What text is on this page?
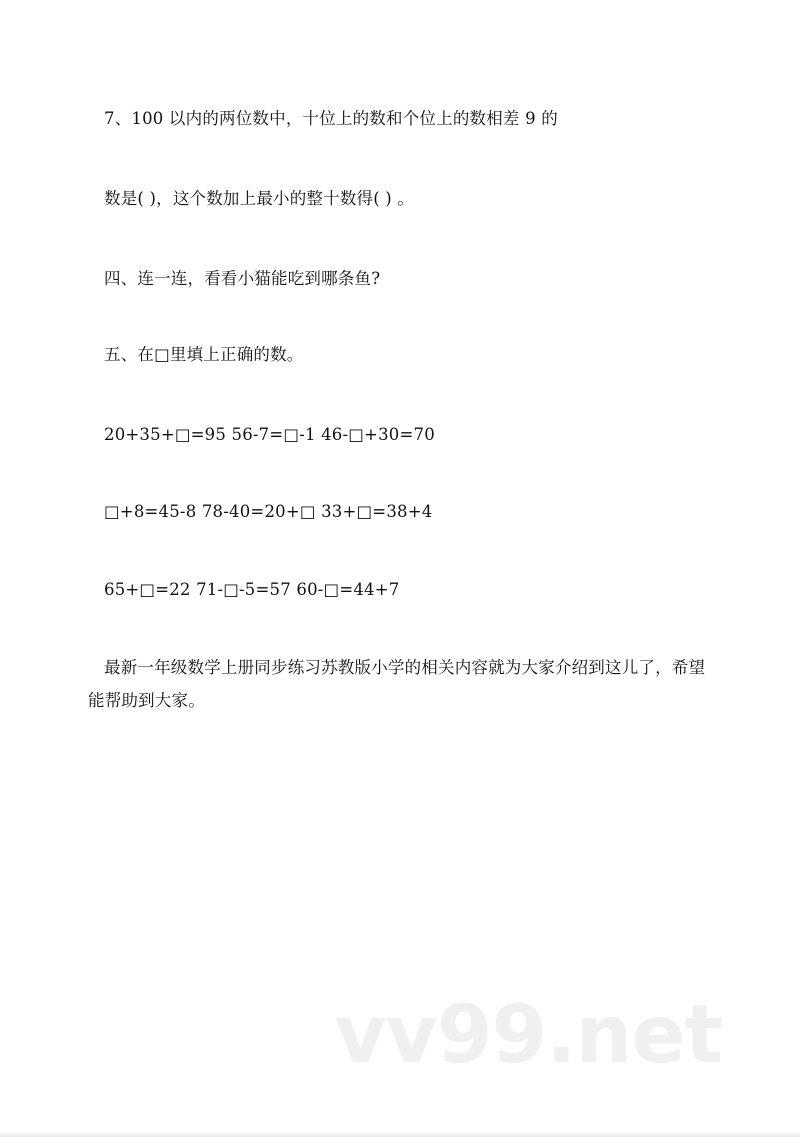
7、100 以内的两位数中，十位上的数和个位上的数相差 9 的
数是( )，这个数加上最小的整十数得( ) 。
四、连一连，看看小猫能吃到哪条鱼?
五、在□里填上正确的数。
20+35+□=95 56-7=□-1 46-□+30=70
□+8=45-8 78-40=20+□ 33+□=38+4
65+□=22 71-□-5=57 60-□=44+7
最新一年级数学上册同步练习苏教版小学的相关内容就为大家介绍到这儿了，希望能帮助到大家。
vv99.net
